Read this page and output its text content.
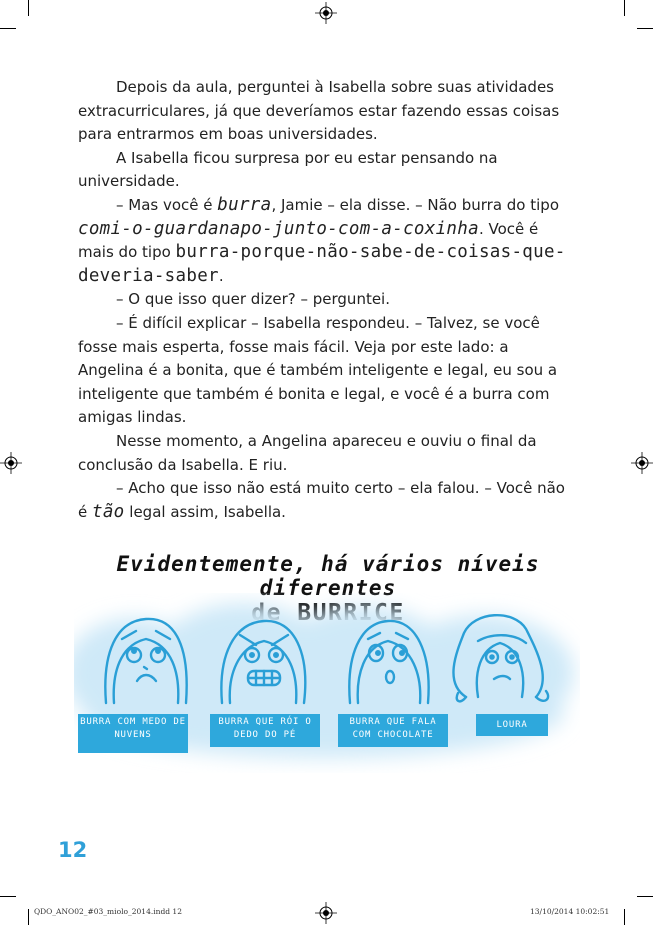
Depois da aula, perguntei à Isabella sobre suas atividades extracurriculares, já que deveríamos estar fazendo essas coisas para entrarmos em boas universidades.

A Isabella ficou surpresa por eu estar pensando na universidade.

– Mas você é burra, Jamie – ela disse. – Não burra do tipo comi-o-guardanapo-junto-com-a-coxinha. Você é mais do tipo burra-porque-não-sabe-de-coisas-que-deveria-saber.

– O que isso quer dizer? – perguntei.

– É difícil explicar – Isabella respondeu. – Talvez, se você fosse mais esperta, fosse mais fácil. Veja por este lado: a Angelina é a bonita, que é também inteligente e legal, eu sou a inteligente que também é bonita e legal, e você é a burra com amigas lindas.

Nesse momento, a Angelina apareceu e ouviu o final da conclusão da Isabella. E riu.

– Acho que isso não está muito certo – ela falou. – Você não é tão legal assim, Isabella.

Evidentemente, há vários níveis diferentes
BURRA COM MEDO DE NUVENS
BURRA QUE RÓI O DEDO DO PÉ
BURRA QUE FALA COM CHOCOLATE
LOURA
12
QDO_ANO02_#03_miolo_2014.indd 12	13/10/2014 10:02:51
